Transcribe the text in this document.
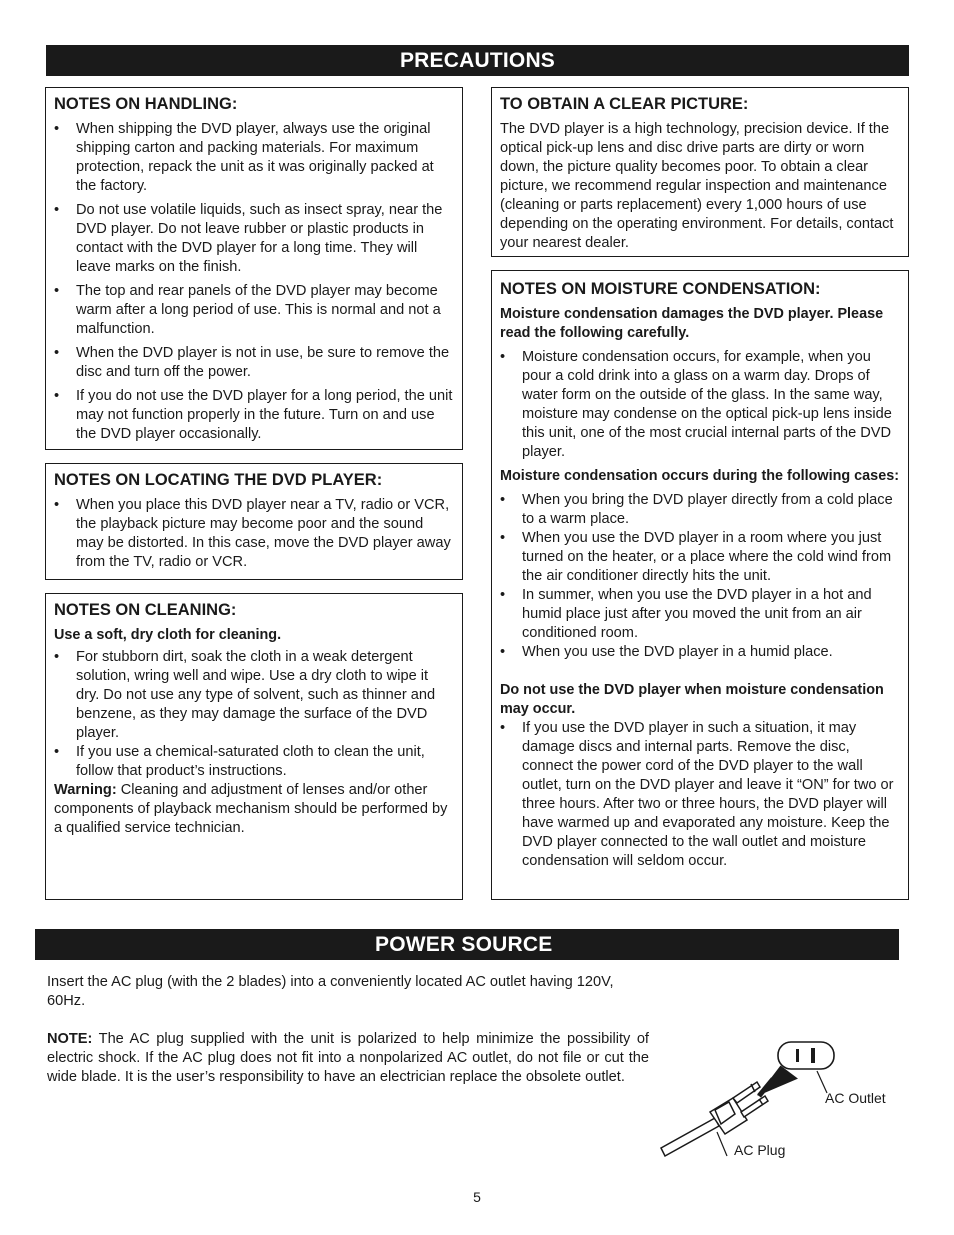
PRECAUTIONS
NOTES ON HANDLING:
• When shipping the DVD player, always use the original shipping carton and packing materials. For maximum protection, repack the unit as it was originally packed at the factory.
• Do not use volatile liquids, such as insect spray, near the DVD player. Do not leave rubber or plastic products in contact with the DVD player for a long time. They will leave marks on the finish.
• The top and rear panels of the DVD player may become warm after a long period of use. This is normal and not a malfunction.
• When the DVD player is not in use, be sure to remove the disc and turn off the power.
• If you do not use the DVD player for a long period, the unit may not function properly in the future. Turn on and use the DVD player occasionally.
NOTES ON LOCATING THE DVD PLAYER:
• When you place this DVD player near a TV, radio or VCR, the playback picture may become poor and the sound may be distorted. In this case, move the DVD player away from the TV, radio or VCR.
NOTES ON CLEANING:

Use a soft, dry cloth for cleaning.

• For stubborn dirt, soak the cloth in a weak detergent solution, wring well and wipe. Use a dry cloth to wipe it dry. Do not use any type of solvent, such as thinner and benzene, as they may damage the surface of the DVD player.
• If you use a chemical-saturated cloth to clean the unit, follow that product’s instructions.

Warning: Cleaning and adjustment of lenses and/or other components of playback mechanism should be performed by a qualified service technician.

TO OBTAIN A CLEAR PICTURE:

The DVD player is a high technology, precision device. If the optical pick-up lens and disc drive parts are dirty or worn down, the picture quality becomes poor. To obtain a clear picture, we recommend regular inspection and maintenance (cleaning or parts replacement) every 1,000 hours of use depending on the operating environment. For details, contact your nearest dealer.

NOTES ON MOISTURE CONDENSATION:

Moisture condensation damages the DVD player. Please read the following carefully.

• Moisture condensation occurs, for example, when you pour a cold drink into a glass on a warm day. Drops of water form on the outside of the glass. In the same way, moisture may condense on the optical pick-up lens inside this unit, one of the most crucial internal parts of the DVD player.

Moisture condensation occurs during the following cases:

• When you bring the DVD player directly from a cold place to a warm place.
• When you use the DVD player in a room where you just turned on the heater, or a place where the cold wind from the air conditioner directly hits the unit.
• In summer, when you use the DVD player in a hot and humid place just after you moved the unit from an air conditioned room.
• When you use the DVD player in a humid place.

Do not use the DVD player when moisture condensation may occur.

• If you use the DVD player in such a situation, it may damage discs and internal parts. Remove the disc, connect the power cord of the DVD player to the wall outlet, turn on the DVD player and leave it “ON” for two or three hours. After two or three hours, the DVD player will have warmed up and evaporated any moisture. Keep the DVD player connected to the wall outlet and moisture condensation will seldom occur.
POWER SOURCE

Insert the AC plug (with the 2 blades) into a conveniently located AC outlet having 120V, 60Hz.

NOTE: The AC plug supplied with the unit is polarized to help minimize the possibility of electric shock. If the AC plug does not fit into a nonpolarized AC outlet, do not file or cut the wide blade. It is the user’s responsibility to have an electrician replace the obsolete outlet.

AC Outlet
AC Plug
5
